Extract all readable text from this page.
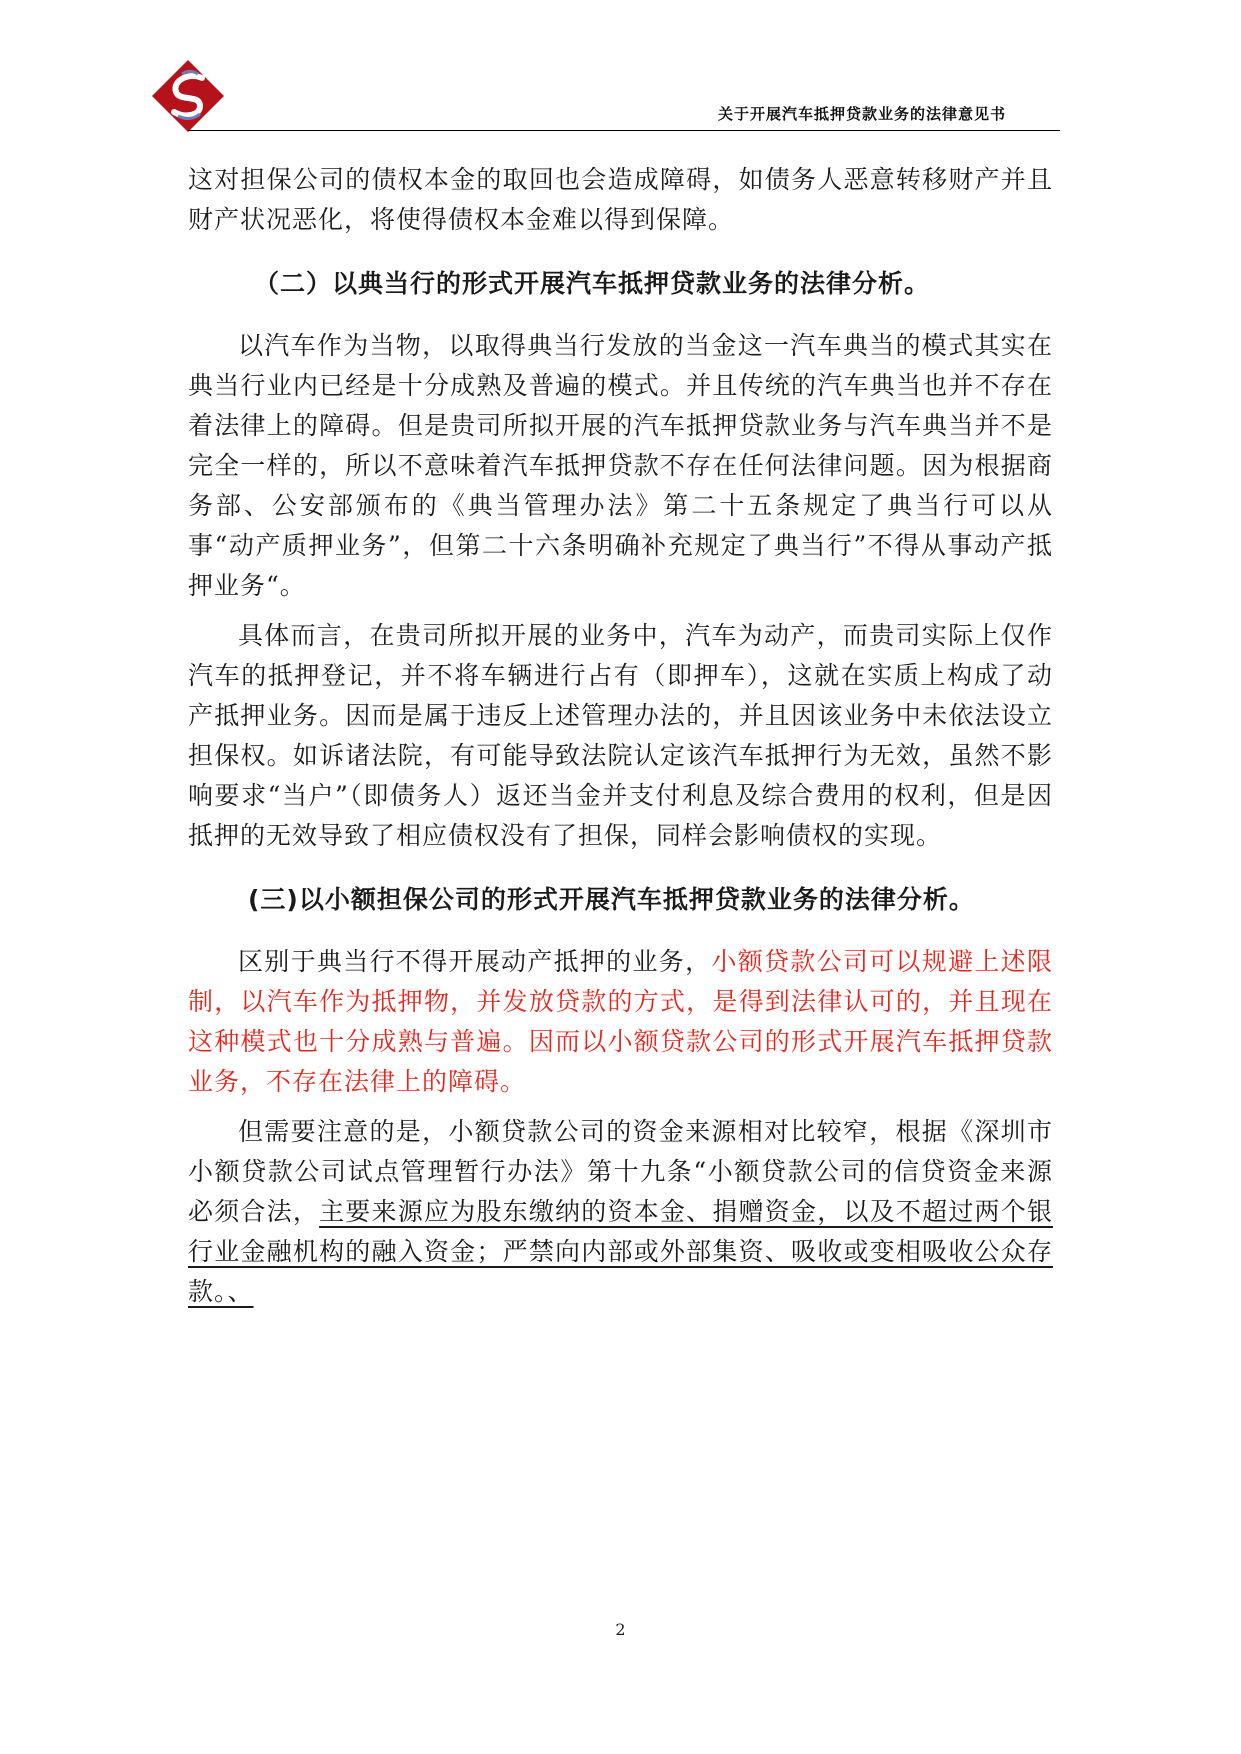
关于开展汽车抵押贷款业务的法律意见书

这对担保公司的债权本金的取回也会造成障碍，如债务人恶意转移财产并且财产状况恶化，将使得债权本金难以得到保障。

（二）以典当行的形式开展汽车抵押贷款业务的法律分析。

以汽车作为当物，以取得典当行发放的当金这一汽车典当的模式其实在典当行业内已经是十分成熟及普遍的模式。并且传统的汽车典当也并不存在着法律上的障碍。但是贵司所拟开展的汽车抵押贷款业务与汽车典当并不是完全一样的，所以不意味着汽车抵押贷款不存在任何法律问题。因为根据商务部、公安部颁布的《典当管理办法》第二十五条规定了典当行可以从事“动产质押业务”，但第二十六条明确补充规定了典当行”不得从事动产抵押业务“。

具体而言，在贵司所拟开展的业务中，汽车为动产，而贵司实际上仅作汽车的抵押登记，并不将车辆进行占有（即押车），这就在实质上构成了动产抵押业务。因而是属于违反上述管理办法的，并且因该业务中未依法设立担保权。如诉诸法院，有可能导致法院认定该汽车抵押行为无效，虽然不影响要求“当户”（即债务人）返还当金并支付利息及综合费用的权利，但是因抵押的无效导致了相应债权没有了担保，同样会影响债权的实现。

(三)以小额担保公司的形式开展汽车抵押贷款业务的法律分析。

区别于典当行不得开展动产抵押的业务，小额贷款公司可以规避上述限制，以汽车作为抵押物，并发放贷款的方式，是得到法律认可的，并且现在这种模式也十分成熟与普遍。因而以小额贷款公司的形式开展汽车抵押贷款业务，不存在法律上的障碍。

但需要注意的是，小额贷款公司的资金来源相对比较窄，根据《深圳市小额贷款公司试点管理暂行办法》第十九条“小额贷款公司的信贷资金来源必须合法，主要来源应为股东缴纳的资本金、捐赠资金，以及不超过两个银行业金融机构的融入资金；严禁向内部或外部集资、吸收或变相吸收公众存款。、

2
